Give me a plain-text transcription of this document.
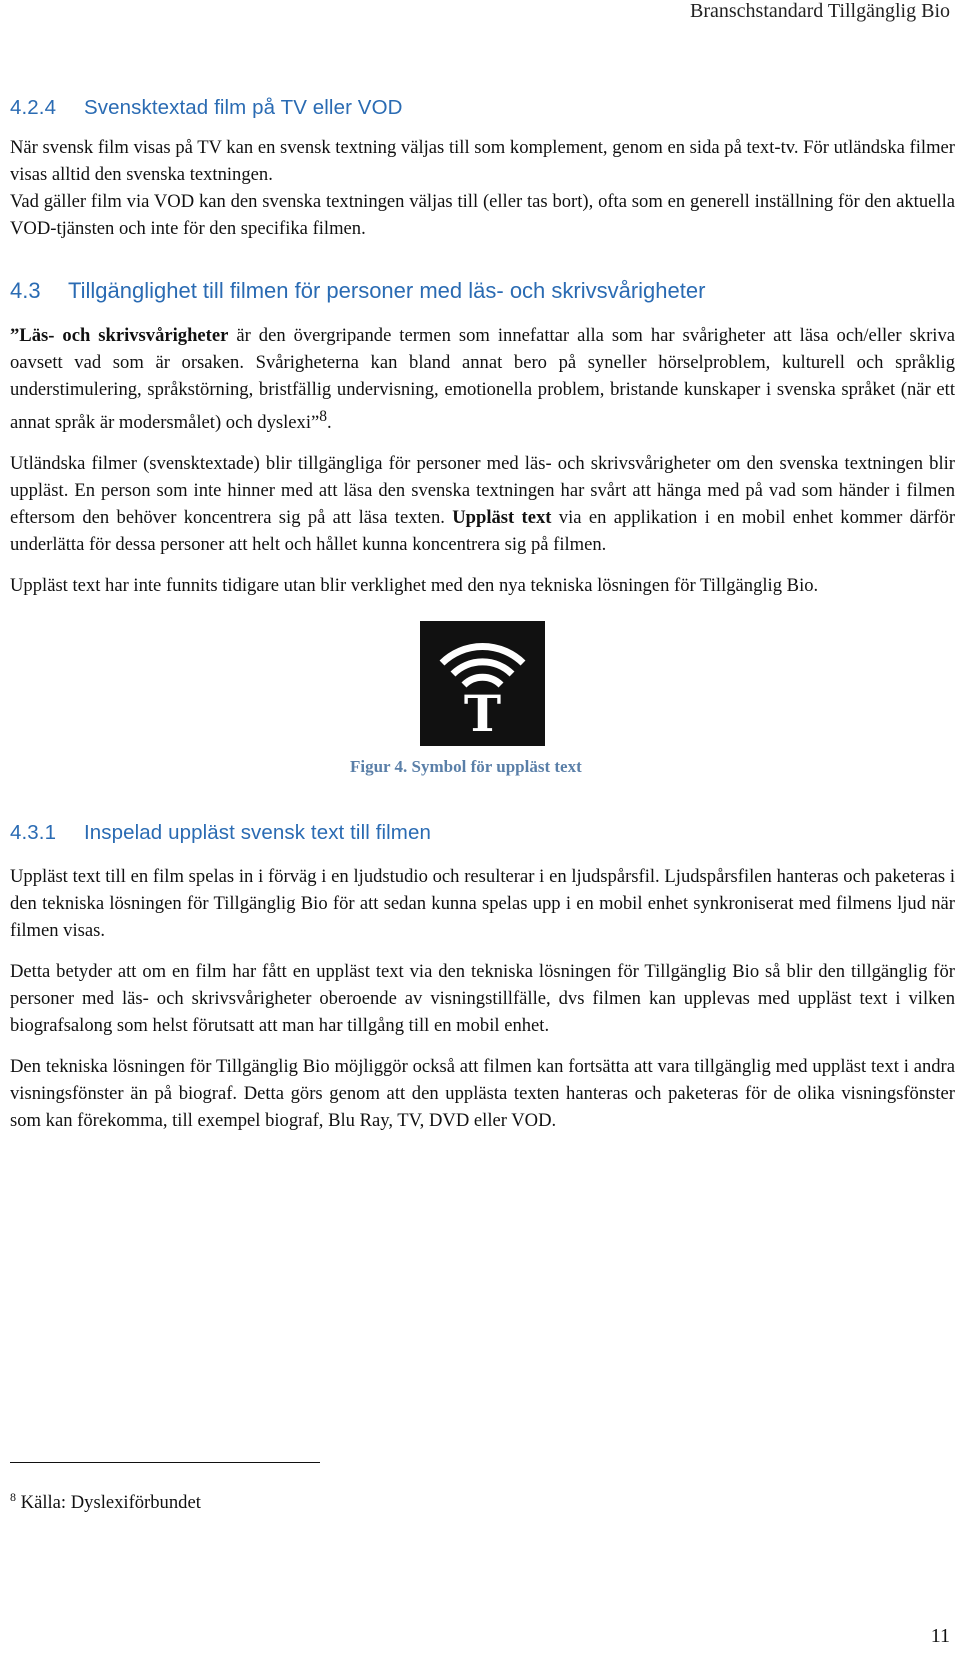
Branschstandard Tillgänglig Bio
4.2.4 Svensktextad film på TV eller VOD

När svensk film visas på TV kan en svensk textning väljas till som komplement, genom en sida på text-tv. För utländska filmer visas alltid den svenska textningen.

Vad gäller film via VOD kan den svenska textningen väljas till (eller tas bort), ofta som en generell inställning för den aktuella VOD-tjänsten och inte för den specifika filmen.

4.3 Tillgänglighet till filmen för personer med läs- och skrivsvårigheter

”Läs- och skrivsvårigheter är den övergripande termen som innefattar alla som har svårigheter att läsa och/eller skriva oavsett vad som är orsaken. Svårigheterna kan bland annat bero på syneller hörselproblem, kulturell och språklig understimulering, språkstörning, bristfällig undervisning, emotionella problem, bristande kunskaper i svenska språket (när ett annat språk är modersmålet) och dyslexi”$^8$.

Utländska filmer (svensktextade) blir tillgängliga för personer med läs- och skrivsvårigheter om den svenska textningen blir uppläst. En person som inte hinner med att läsa den svenska textningen har svårt att hänga med på vad som händer i filmen eftersom den behöver koncentrera sig på att läsa texten. Uppläst text via en applikation i en mobil enhet kommer därför underlätta för dessa personer att helt och hållet kunna koncentrera sig på filmen.

Uppläst text har inte funnits tidigare utan blir verklighet med den nya tekniska lösningen för Tillgänglig Bio.

T
Figur 4. Symbol för uppläst text
4.3.1 Inspelad uppläst svensk text till filmen

Uppläst text till en film spelas in i förväg i en ljudstudio och resulterar i en ljudspårsfil. Ljudspårsfilen hanteras och paketeras i den tekniska lösningen för Tillgänglig Bio för att sedan kunna spelas upp i en mobil enhet synkroniserat med filmens ljud när filmen visas.

Detta betyder att om en film har fått en uppläst text via den tekniska lösningen för Tillgänglig Bio så blir den tillgänglig för personer med läs- och skrivsvårigheter oberoende av visningstillfälle, dvs filmen kan upplevas med uppläst text i vilken biografsalong som helst förutsatt att man har tillgång till en mobil enhet.

Den tekniska lösningen för Tillgänglig Bio möjliggör också att filmen kan fortsätta att vara tillgänglig med uppläst text i andra visningsfönster än på biograf. Detta görs genom att den upplästa texten hanteras och paketeras för de olika visningsfönster som kan förekomma, till exempel biograf, Blu Ray, TV, DVD eller VOD.

$^8$ Källa: Dyslexiförbundet
11
